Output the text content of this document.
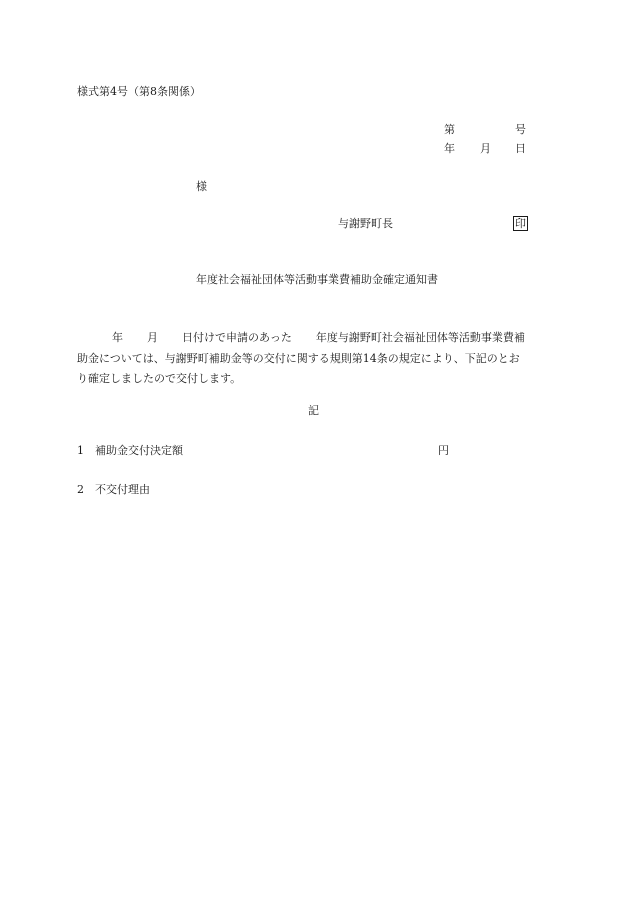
様式第4号（第8条関係）
第	号
年 月 日
様
与謝野町長	印
年度社会福祉団体等活動事業費補助金確定通知書
年 月 日付けで申請のあった 年度与謝野町社会福祉団体等活動事業費補
助金については、与謝野町補助金等の交付に関する規則第14条の規定により、下記のとお
り確定しましたので交付します。
記
1 補助金交付決定額	円
2 不交付理由
